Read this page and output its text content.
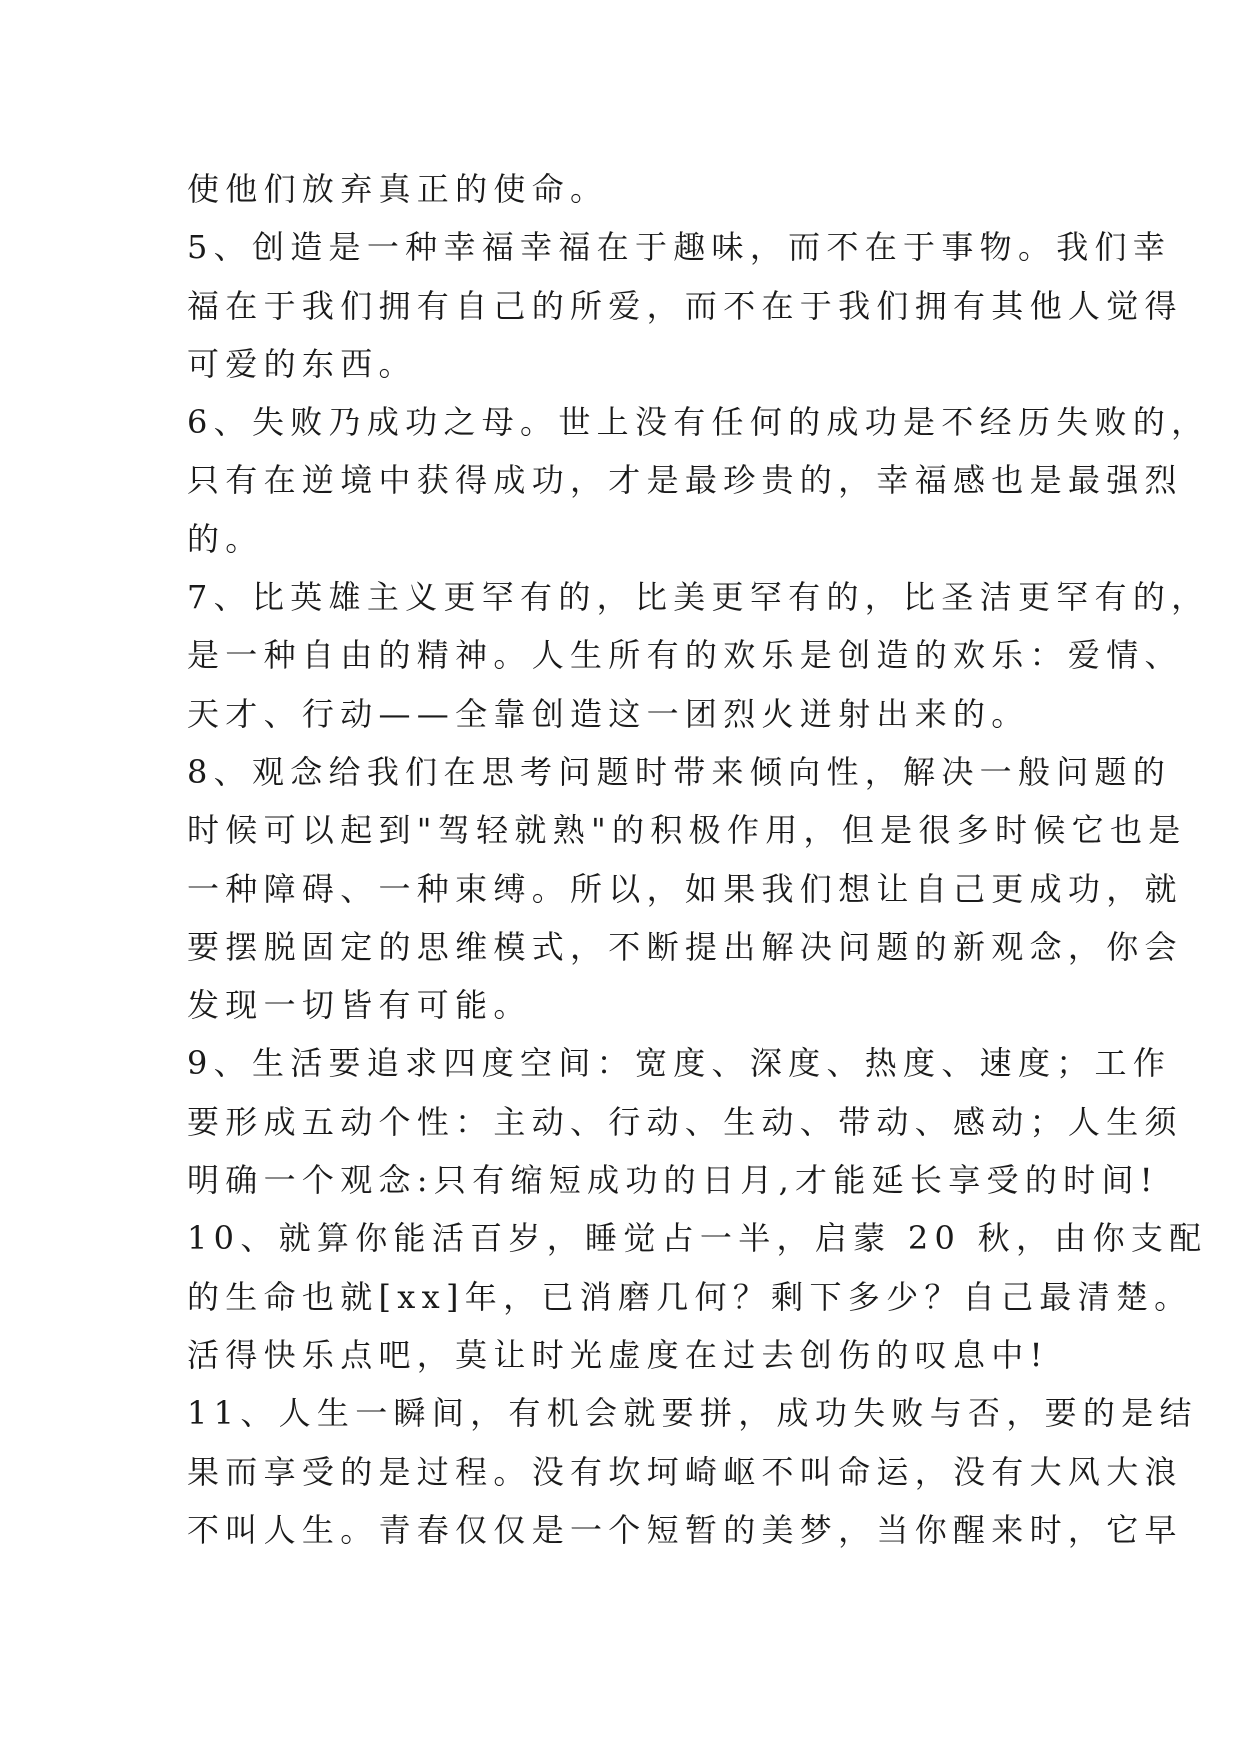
使他们放弃真正的使命。
5、创造是一种幸福幸福在于趣味，而不在于事物。我们幸
福在于我们拥有自己的所爱，而不在于我们拥有其他人觉得
可爱的东西。
6、失败乃成功之母。世上没有任何的成功是不经历失败的，
只有在逆境中获得成功，才是最珍贵的，幸福感也是最强烈
的。
7、比英雄主义更罕有的，比美更罕有的，比圣洁更罕有的，
是一种自由的精神。人生所有的欢乐是创造的欢乐：爱情、
天才、行动——全靠创造这一团烈火迸射出来的。
8、观念给我们在思考问题时带来倾向性，解决一般问题的
时候可以起到"驾轻就熟"的积极作用，但是很多时候它也是
一种障碍、一种束缚。所以，如果我们想让自己更成功，就
要摆脱固定的思维模式，不断提出解决问题的新观念，你会
发现一切皆有可能。
9、生活要追求四度空间：宽度、深度、热度、速度；工作
要形成五动个性：主动、行动、生动、带动、感动；人生须
明确一个观念:只有缩短成功的日月,才能延长享受的时间!
10、就算你能活百岁，睡觉占一半，启蒙 20 秋，由你支配
的生命也就[xx]年，已消磨几何？剩下多少？自己最清楚。
活得快乐点吧，莫让时光虚度在过去创伤的叹息中!
11、人生一瞬间，有机会就要拼，成功失败与否，要的是结
果而享受的是过程。没有坎坷崎岖不叫命运，没有大风大浪
不叫人生。青春仅仅是一个短暂的美梦，当你醒来时，它早
